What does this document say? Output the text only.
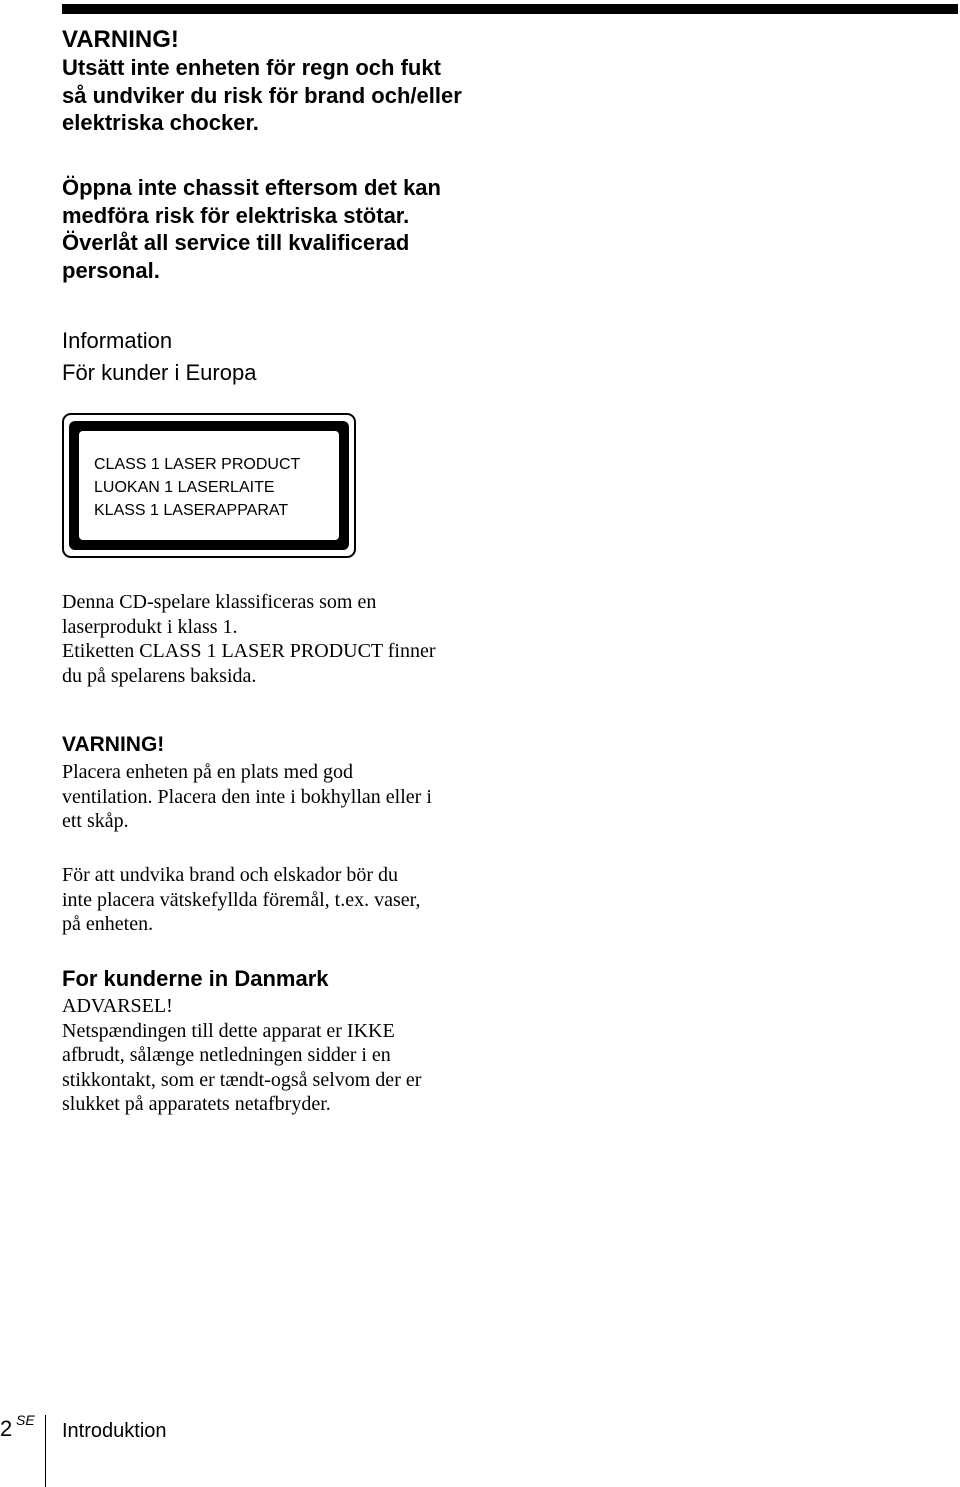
VARNING!
Utsätt inte enheten för regn och fukt
så undviker du risk för brand och/eller
elektriska chocker.
Öppna inte chassit eftersom det kan
medföra risk för elektriska stötar.
Överlåt all service till kvalificerad
personal.
Information
För kunder i Europa
CLASS 1 LASER PRODUCT
LUOKAN 1 LASERLAITE
KLASS 1 LASERAPPARAT
Denna CD-spelare klassificeras som en
laserprodukt i klass 1.
Etiketten CLASS 1 LASER PRODUCT finner
du på spelarens baksida.
VARNING!
Placera enheten på en plats med god
ventilation. Placera den inte i bokhyllan eller i
ett skåp.
För att undvika brand och elskador bör du
inte placera vätskefyllda föremål, t.ex. vaser,
på enheten.
For kunderne in Danmark
ADVARSEL!
Netspændingen till dette apparat er IKKE
afbrudt, sålænge netledningen sidder i en
stikkontakt, som er tændt-også selvom der er
slukket på apparatets netafbryder.
2 SE Introduktion
